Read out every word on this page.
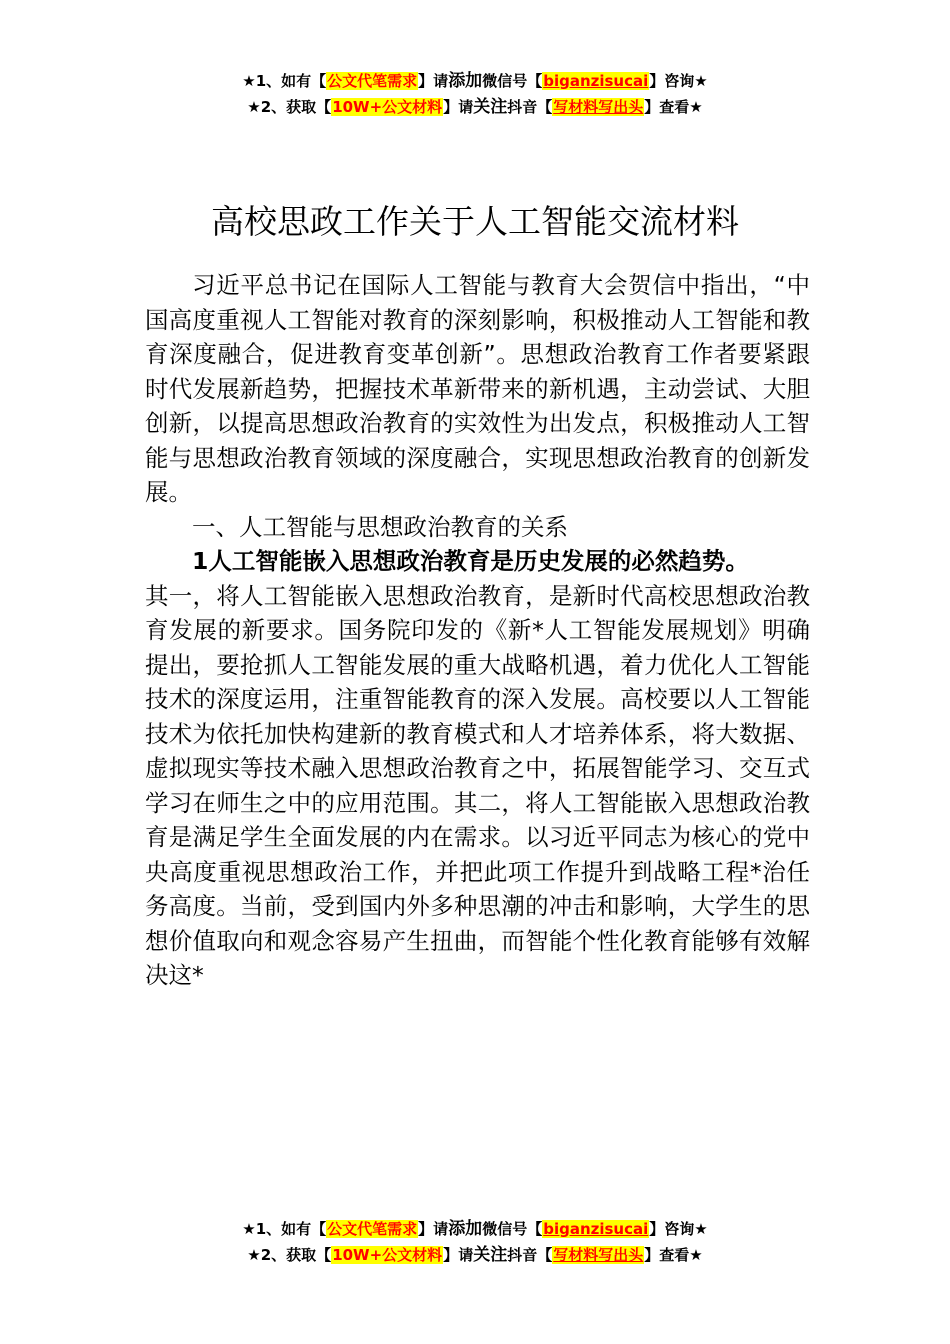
★1、如有【公文代笔需求】请添加微信号【biganzisucai】咨询★
★2、获取【10W+公文材料】请关注抖音【写材料写出头】查看★
高校思政工作关于人工智能交流材料

习近平总书记在国际人工智能与教育大会贺信中指出，“中国高度重视人工智能对教育的深刻影响，积极推动人工智能和教育深度融合，促进教育变革创新”。思想政治教育工作者要紧跟时代发展新趋势，把握技术革新带来的新机遇，主动尝试、大胆创新，以提高思想政治教育的实效性为出发点，积极推动人工智能与思想政治教育领域的深度融合，实现思想政治教育的创新发展。

一、人工智能与思想政治教育的关系

1人工智能嵌入思想政治教育是历史发展的必然趋势。

其一，将人工智能嵌入思想政治教育，是新时代高校思想政治教育发展的新要求。国务院印发的《新*人工智能发展规划》明确提出，要抢抓人工智能发展的重大战略机遇，着力优化人工智能技术的深度运用，注重智能教育的深入发展。高校要以人工智能技术为依托加快构建新的教育模式和人才培养体系，将大数据、虚拟现实等技术融入思想政治教育之中，拓展智能学习、交互式学习在师生之中的应用范围。其二，将人工智能嵌入思想政治教育是满足学生全面发展的内在需求。以习近平同志为核心的党中央高度重视思想政治工作，并把此项工作提升到战略工程*治任务高度。当前，受到国内外多种思潮的冲击和影响，大学生的思想价值取向和观念容易产生扭曲，而智能个性化教育能够有效解决这*

★1、如有【公文代笔需求】请添加微信号【biganzisucai】咨询★
★2、获取【10W+公文材料】请关注抖音【写材料写出头】查看★
